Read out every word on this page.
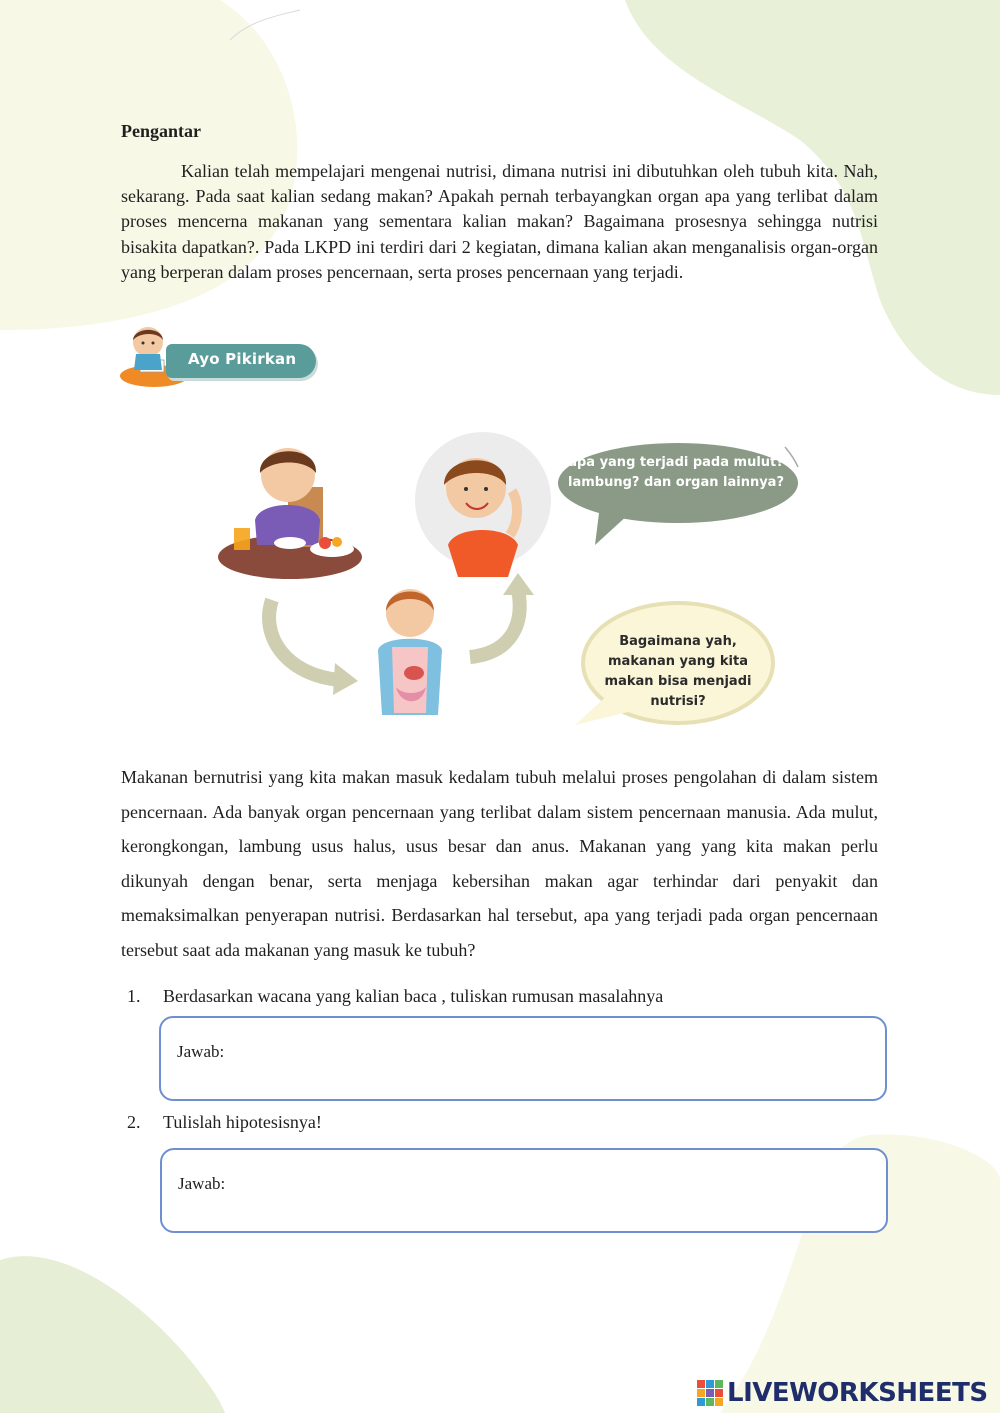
Pengantar

Kalian telah mempelajari mengenai nutrisi, dimana nutrisi ini dibutuhkan oleh tubuh kita. Nah, sekarang. Pada saat kalian sedang makan? Apakah pernah terbayangkan organ apa yang terlibat dalam proses mencerna makanan yang sementara kalian makan? Bagaimana prosesnya sehingga nutrisi bisakita dapatkan?. Pada LKPD ini terdiri dari 2 kegiatan, dimana kalian akan menganalisis organ-organ yang berperan dalam proses pencernaan, serta proses pencernaan yang terjadi.

Ayo Pikirkan
apa yang terjadi pada mulut? lambung? dan organ lainnya?
Bagaimana yah, makanan yang kita makan bisa menjadi nutrisi?

Makanan bernutrisi yang kita makan masuk kedalam tubuh melalui proses pengolahan di dalam sistem pencernaan. Ada banyak organ pencernaan yang terlibat dalam sistem pencernaan manusia. Ada mulut, kerongkongan, lambung usus halus, usus besar dan anus. Makanan yang yang kita makan perlu dikunyah dengan benar, serta menjaga kebersihan makan agar terhindar dari penyakit dan memaksimalkan penyerapan nutrisi. Berdasarkan hal tersebut, apa yang terjadi pada organ pencernaan tersebut saat ada makanan yang masuk ke tubuh?

1. Berdasarkan wacana yang kalian baca , tuliskan rumusan masalahnya
Jawab:
2. Tulislah hipotesisnya!
Jawab:
LIVEWORKSHEETS
